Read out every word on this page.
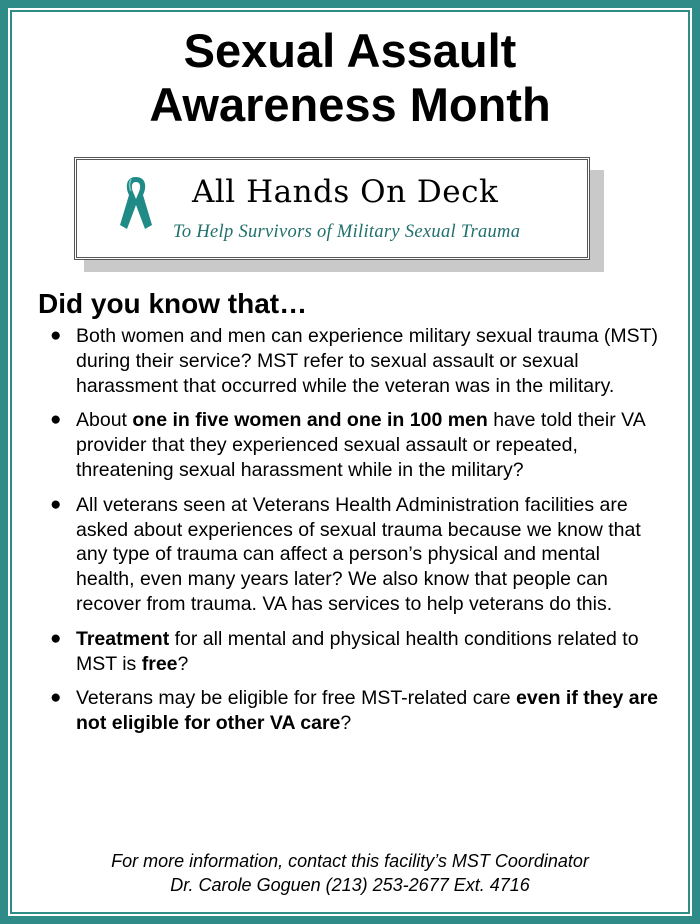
Sexual Assault
Awareness Month
All Hands On Deck
To Help Survivors of Military Sexual Trauma
Did you know that…
● Both women and men can experience military sexual trauma (MST) during their service? MST refer to sexual assault or sexual harassment that occurred while the veteran was in the military.
● About one in five women and one in 100 men have told their VA provider that they experienced sexual assault or repeated, threatening sexual harassment while in the military?
● All veterans seen at Veterans Health Administration facilities are asked about experiences of sexual trauma because we know that any type of trauma can affect a person’s physical and mental health, even many years later? We also know that people can recover from trauma. VA has services to help veterans do this.
● Treatment for all mental and physical health conditions related to MST is free?
● Veterans may be eligible for free MST-related care even if they are not eligible for other VA care?
For more information, contact this facility’s MST Coordinator
Dr. Carole Goguen (213) 253-2677 Ext. 4716
